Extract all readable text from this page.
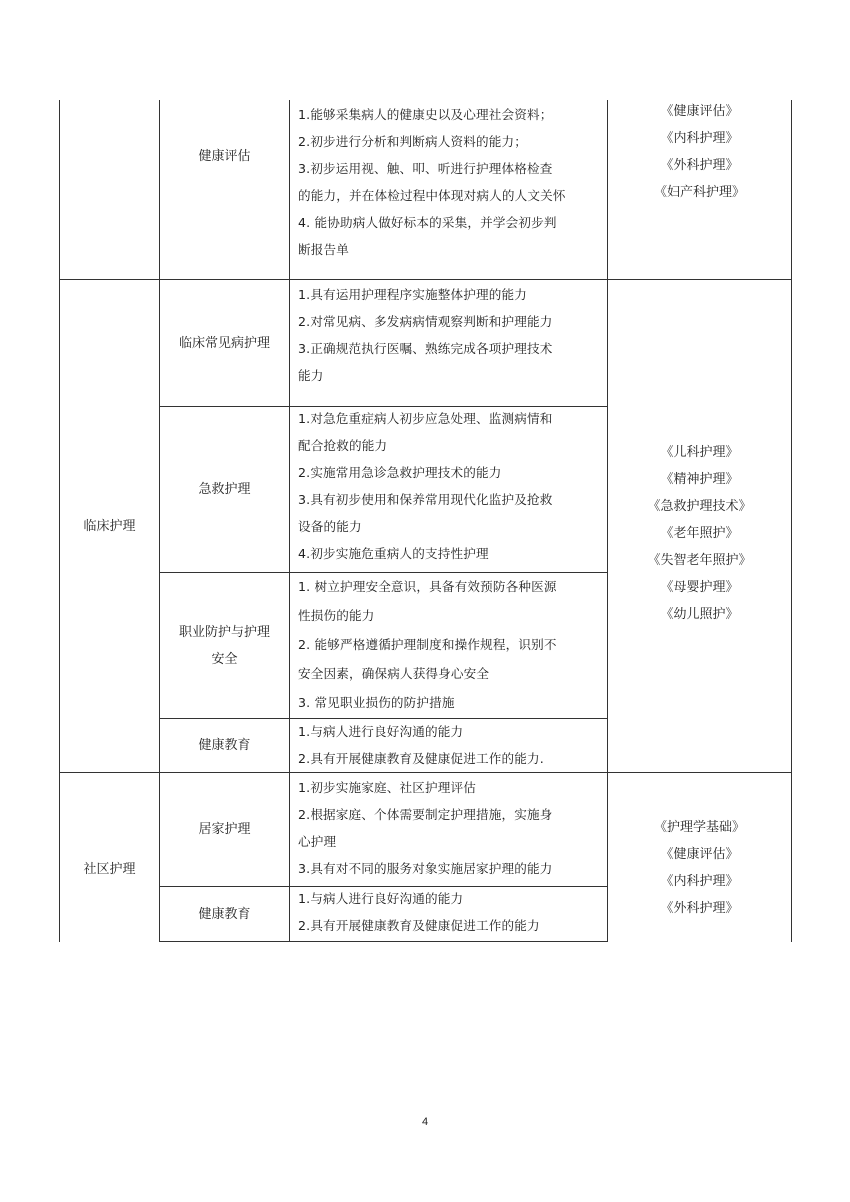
健康评估
1.能够采集病人的健康史以及心理社会资料；
2.初步进行分析和判断病人资料的能力；
3.初步运用视、触、叩、听进行护理体格检查
的能力，并在体检过程中体现对病人的人文关怀
4. 能协助病人做好标本的采集，并学会初步判
断报告单
《健康评估》
《内科护理》
《外科护理》
《妇产科护理》
临床护理
临床常见病护理
1.具有运用护理程序实施整体护理的能力
2.对常见病、多发病病情观察判断和护理能力
3.正确规范执行医嘱、熟练完成各项护理技术
能力
急救护理
1.对急危重症病人初步应急处理、监测病情和
配合抢救的能力
2.实施常用急诊急救护理技术的能力
3.具有初步使用和保养常用现代化监护及抢救
设备的能力
4.初步实施危重病人的支持性护理
职业防护与护理
安全
1. 树立护理安全意识，具备有效预防各种医源
性损伤的能力
2. 能够严格遵循护理制度和操作规程，识别不
安全因素，确保病人获得身心安全
3. 常见职业损伤的防护措施
健康教育
1.与病人进行良好沟通的能力
2.具有开展健康教育及健康促进工作的能力.
《儿科护理》
《精神护理》
《急救护理技术》
《老年照护》
《失智老年照护》
《母婴护理》
《幼儿照护》
社区护理
居家护理
1.初步实施家庭、社区护理评估
2.根据家庭、个体需要制定护理措施，实施身
心护理
3.具有对不同的服务对象实施居家护理的能力
健康教育
1.与病人进行良好沟通的能力
2.具有开展健康教育及健康促进工作的能力
《护理学基础》
《健康评估》
《内科护理》
《外科护理》
4
